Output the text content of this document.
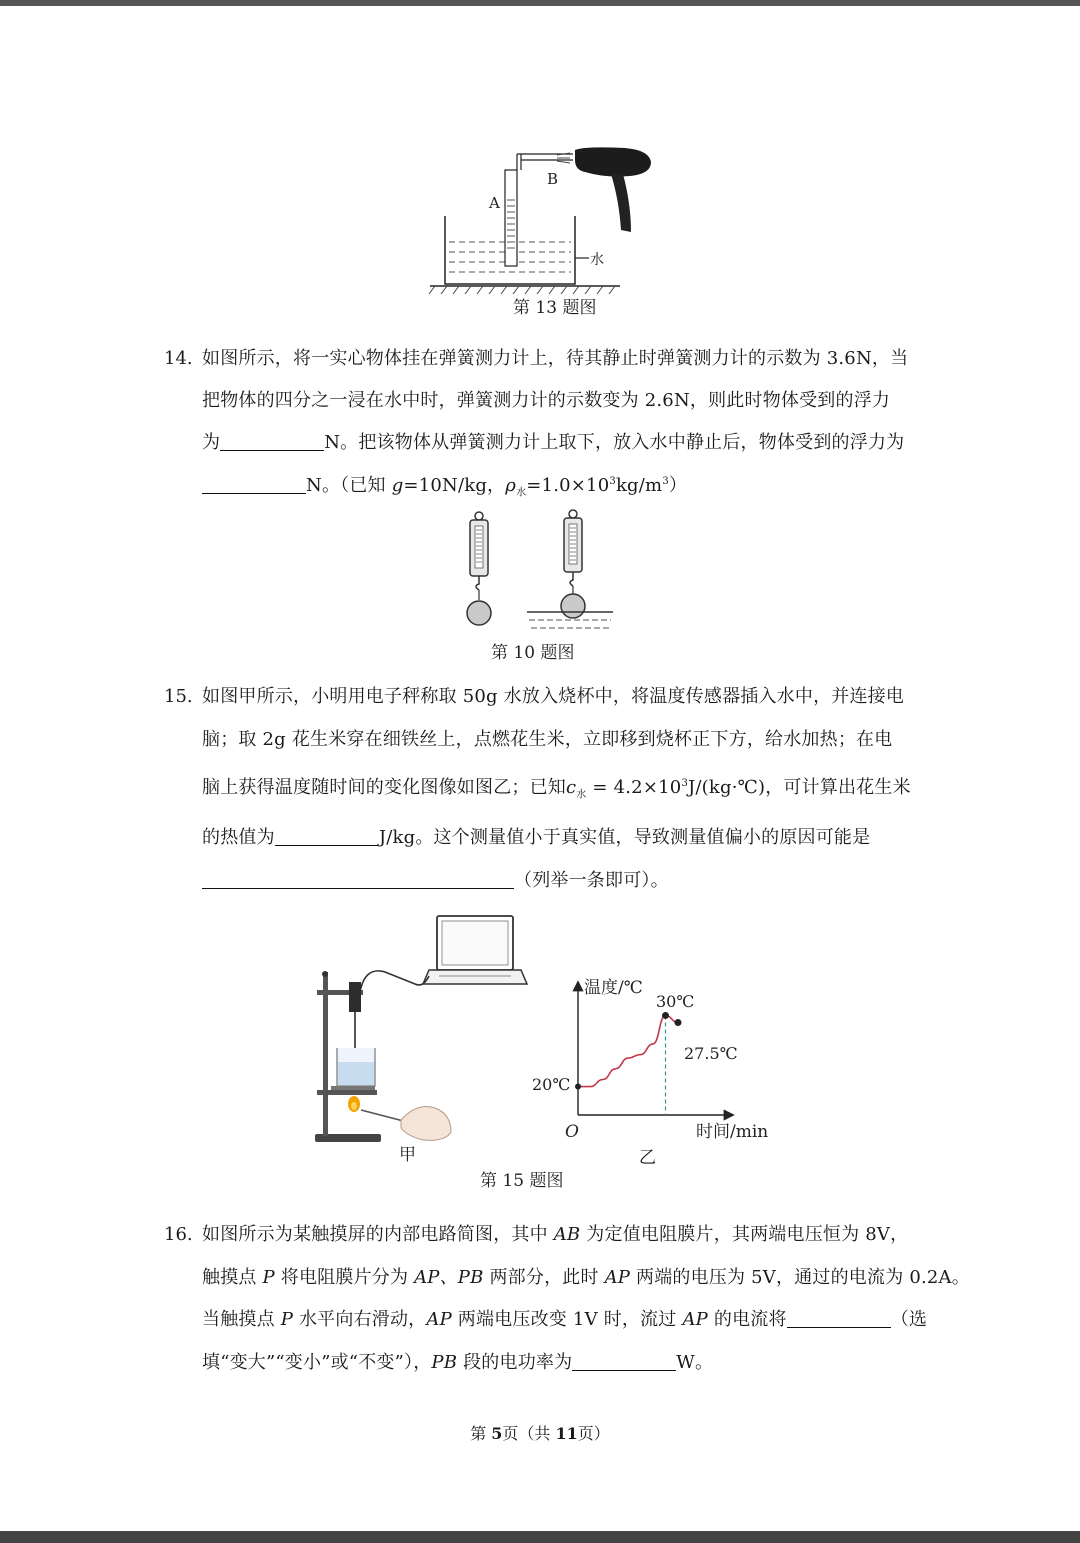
B
A
水
第 13 题图
14. 如图所示，将一实心物体挂在弹簧测力计上，待其静止时弹簧测力计的示数为 3.6N，当
把物体的四分之一浸在水中时，弹簧测力计的示数变为 2.6N，则此时物体受到的浮力
为	N。把该物体从弹簧测力计上取下，放入水中静止后，物体受到的浮力为
N。（已知 g=10N/kg，$\rho_水=1.0\times 10^3kg/m^3$）
第 10 题图
15. 如图甲所示，小明用电子秤称取 50g 水放入烧杯中，将温度传感器插入水中，并连接电
脑；取 2g 花生米穿在细铁丝上，点燃花生米，立即移到烧杯正下方，给水加热；在电
脑上获得温度随时间的变化图像如图乙；已知$c_水$ = $4.2\times 10^3J/(kg\cdot℃)$，可计算出花生米
的热值为	J/kg。这个测量值小于真实值，导致测量值偏小的原因可能是
（列举一条即可）。
甲
温度/℃
时间/min
O
20℃
30℃
27.5℃
乙
第 15 题图
16. 如图所示为某触摸屏的内部电路简图，其中 AB 为定值电阻膜片，其两端电压恒为 8V，
触摸点 P 将电阻膜片分为 AP、PB 两部分，此时 AP 两端的电压为 5V，通过的电流为 0.2A。
当触摸点 P 水平向右滑动，AP 两端电压改变 1V 时，流过 AP 的电流将	（选
填“变大”“变小”或“不变”），PB 段的电功率为	W。
第 5页（共 11页）
